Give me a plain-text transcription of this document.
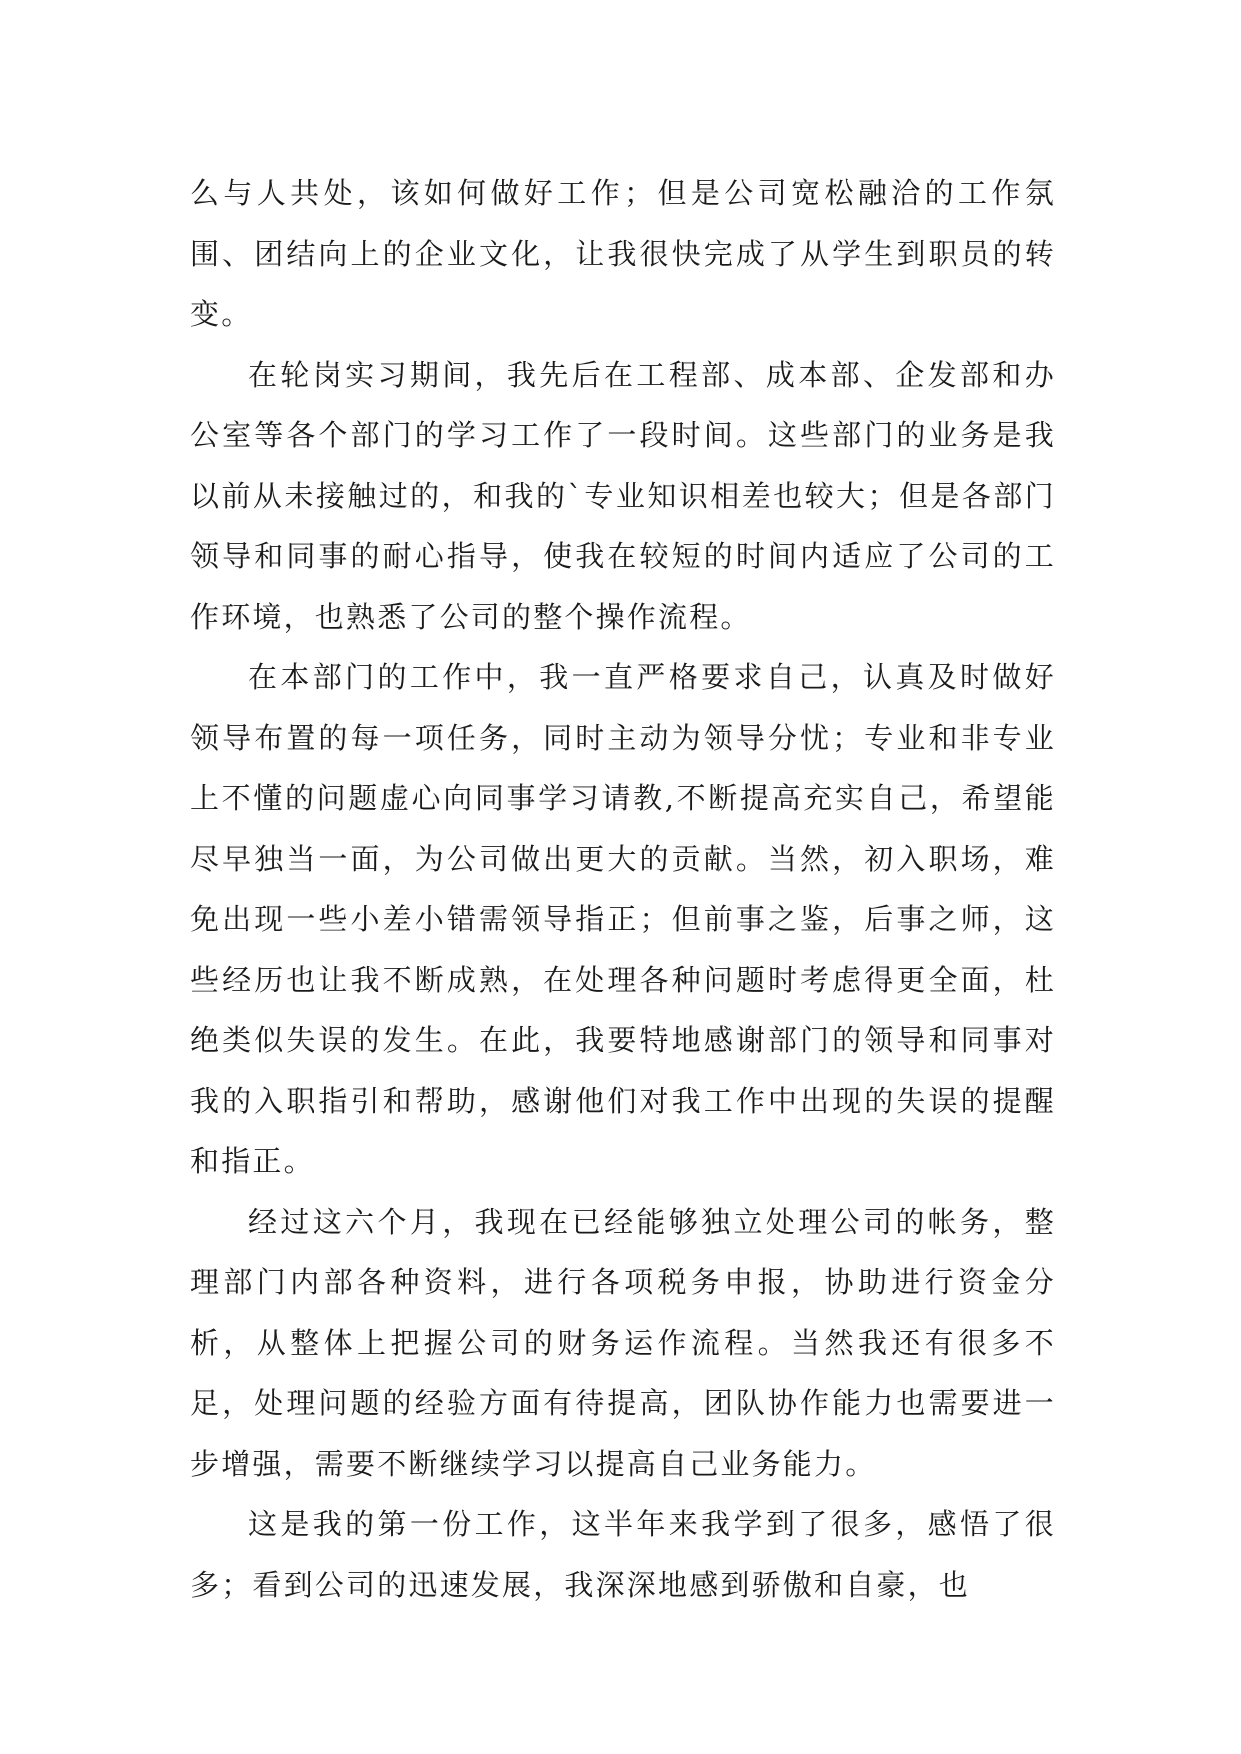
么与人共处，该如何做好工作；但是公司宽松融洽的工作氛围、团结向上的企业文化，让我很快完成了从学生到职员的转变。

在轮岗实习期间，我先后在工程部、成本部、企发部和办公室等各个部门的学习工作了一段时间。这些部门的业务是我以前从未接触过的，和我的`专业知识相差也较大；但是各部门领导和同事的耐心指导，使我在较短的时间内适应了公司的工作环境，也熟悉了公司的整个操作流程。

在本部门的工作中，我一直严格要求自己，认真及时做好领导布置的每一项任务，同时主动为领导分忧；专业和非专业上不懂的问题虚心向同事学习请教,不断提高充实自己，希望能尽早独当一面，为公司做出更大的贡献。当然，初入职场，难免出现一些小差小错需领导指正；但前事之鉴，后事之师，这些经历也让我不断成熟，在处理各种问题时考虑得更全面，杜绝类似失误的发生。在此，我要特地感谢部门的领导和同事对我的入职指引和帮助，感谢他们对我工作中出现的失误的提醒和指正。

经过这六个月，我现在已经能够独立处理公司的帐务，整理部门内部各种资料，进行各项税务申报，协助进行资金分析，从整体上把握公司的财务运作流程。当然我还有很多不足，处理问题的经验方面有待提高，团队协作能力也需要进一步增强，需要不断继续学习以提高自己业务能力。

这是我的第一份工作，这半年来我学到了很多，感悟了很多；看到公司的迅速发展，我深深地感到骄傲和自豪，也
